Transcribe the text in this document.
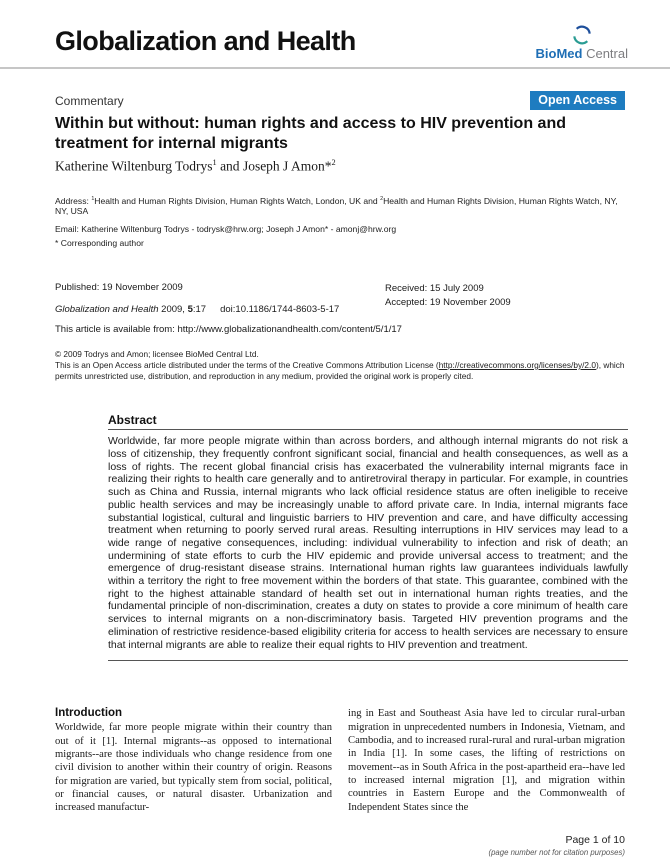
Globalization and Health	BioMed Central
Commentary	Open Access
Within but without: human rights and access to HIV prevention and treatment for internal migrants
Katherine Wiltenburg Todrys$^1$ and Joseph J Amon*$^2$
Address: $^1$Health and Human Rights Division, Human Rights Watch, London, UK and $^2$Health and Human Rights Division, Human Rights Watch, NY, NY, USA
Email: Katherine Wiltenburg Todrys - todrysk@hrw.org; Joseph J Amon* - amonj@hrw.org
* Corresponding author
Published: 19 November 2009
Globalization and Health 2009, 5:17 doi:10.1186/1744-8603-5-17
Received: 15 July 2009
Accepted: 19 November 2009
This article is available from: http://www.globalizationandhealth.com/content/5/1/17
© 2009 Todrys and Amon; licensee BioMed Central Ltd.
This is an Open Access article distributed under the terms of the Creative Commons Attribution License (http://creativecommons.org/licenses/by/2.0), which permits unrestricted use, distribution, and reproduction in any medium, provided the original work is properly cited.
Abstract
Worldwide, far more people migrate within than across borders, and although internal migrants do not risk a loss of citizenship, they frequently confront significant social, financial and health consequences, as well as a loss of rights. The recent global financial crisis has exacerbated the vulnerability internal migrants face in realizing their rights to health care generally and to antiretroviral therapy in particular. For example, in countries such as China and Russia, internal migrants who lack official residence status are often ineligible to receive public health services and may be increasingly unable to afford private care. In India, internal migrants face substantial logistical, cultural and linguistic barriers to HIV prevention and care, and have difficulty accessing treatment when returning to poorly served rural areas. Resulting interruptions in HIV services may lead to a wide range of negative consequences, including: individual vulnerability to infection and risk of death; an undermining of state efforts to curb the HIV epidemic and provide universal access to treatment; and the emergence of drug-resistant disease strains. International human rights law guarantees individuals lawfully within a territory the right to free movement within the borders of that state. This guarantee, combined with the right to the highest attainable standard of health set out in international human rights treaties, and the fundamental principle of non-discrimination, creates a duty on states to provide a core minimum of health care services to internal migrants on a non-discriminatory basis. Targeted HIV prevention programs and the elimination of restrictive residence-based eligibility criteria for access to health services are necessary to ensure that internal migrants are able to realize their equal rights to HIV prevention and treatment.
Introduction

Worldwide, far more people migrate within their country than out of it [1]. Internal migrants--as opposed to international migrants--are those individuals who change residence from one civil division to another within their country of origin. Reasons for migration are varied, but typically stem from social, political, or financial causes, or natural disaster. Urbanization and increased manufactur-

ing in East and Southeast Asia have led to circular rural-urban migration in unprecedented numbers in Indonesia, Vietnam, and Cambodia, and to increased rural-rural and rural-urban migration in India [1]. In some cases, the lifting of restrictions on movement--as in South Africa in the post-apartheid era--have led to increased internal migration [1], and migration within countries in Eastern Europe and the Commonwealth of Independent States since the

Page 1 of 10
(page number not for citation purposes)
